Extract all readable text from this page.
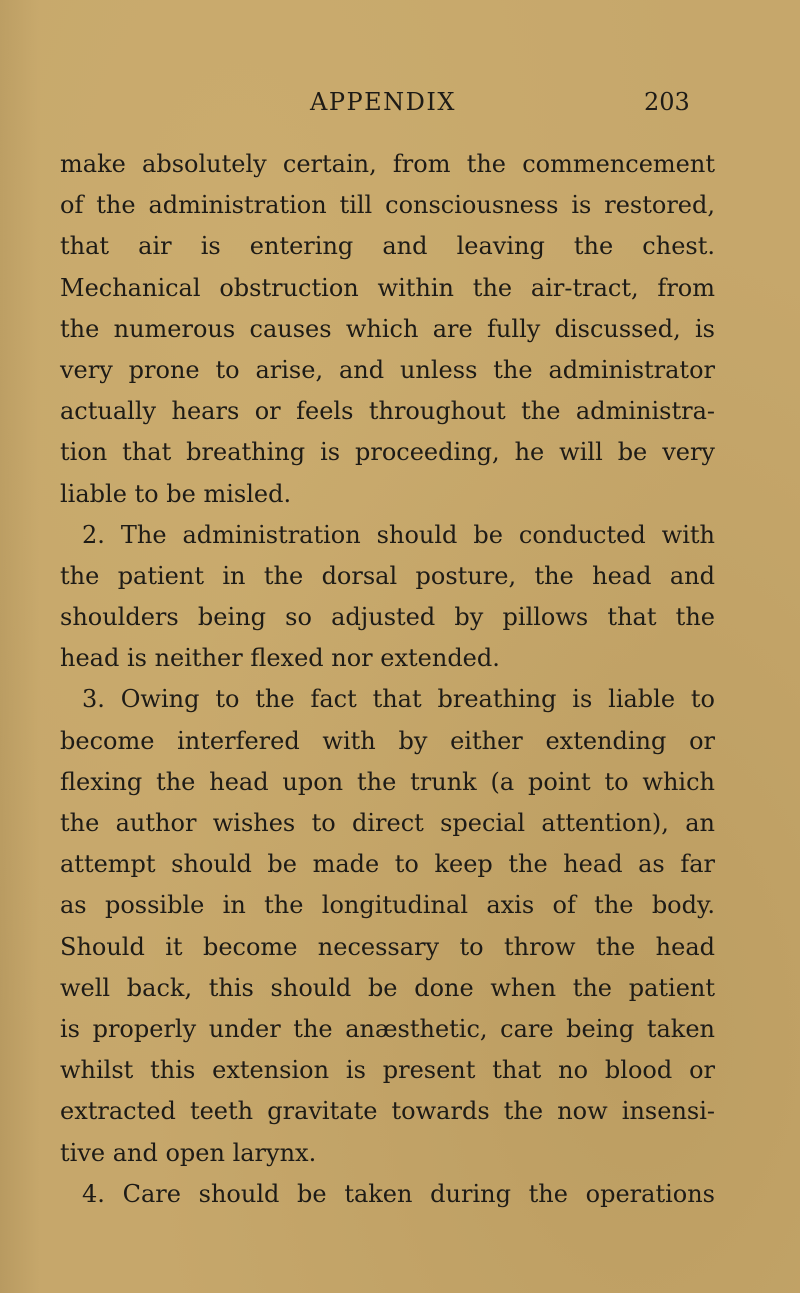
APPENDIX	203
make absolutely certain, from the commencement
of the administration till consciousness is restored,
that air is entering and leaving the chest.
Mechanical obstruction within the air-tract, from
the numerous causes which are fully discussed, is
very prone to arise, and unless the administrator
actually hears or feels throughout the administra-
tion that breathing is proceeding, he will be very
liable to be misled.
2. The administration should be conducted with
the patient in the dorsal posture, the head and
shoulders being so adjusted by pillows that the
head is neither flexed nor extended.
3. Owing to the fact that breathing is liable to
become interfered with by either extending or
flexing the head upon the trunk (a point to which
the author wishes to direct special attention), an
attempt should be made to keep the head as far
as possible in the longitudinal axis of the body.
Should it become necessary to throw the head
well back, this should be done when the patient
is properly under the anæsthetic, care being taken
whilst this extension is present that no blood or
extracted teeth gravitate towards the now insensi-
tive and open larynx.
4. Care should be taken during the operations
